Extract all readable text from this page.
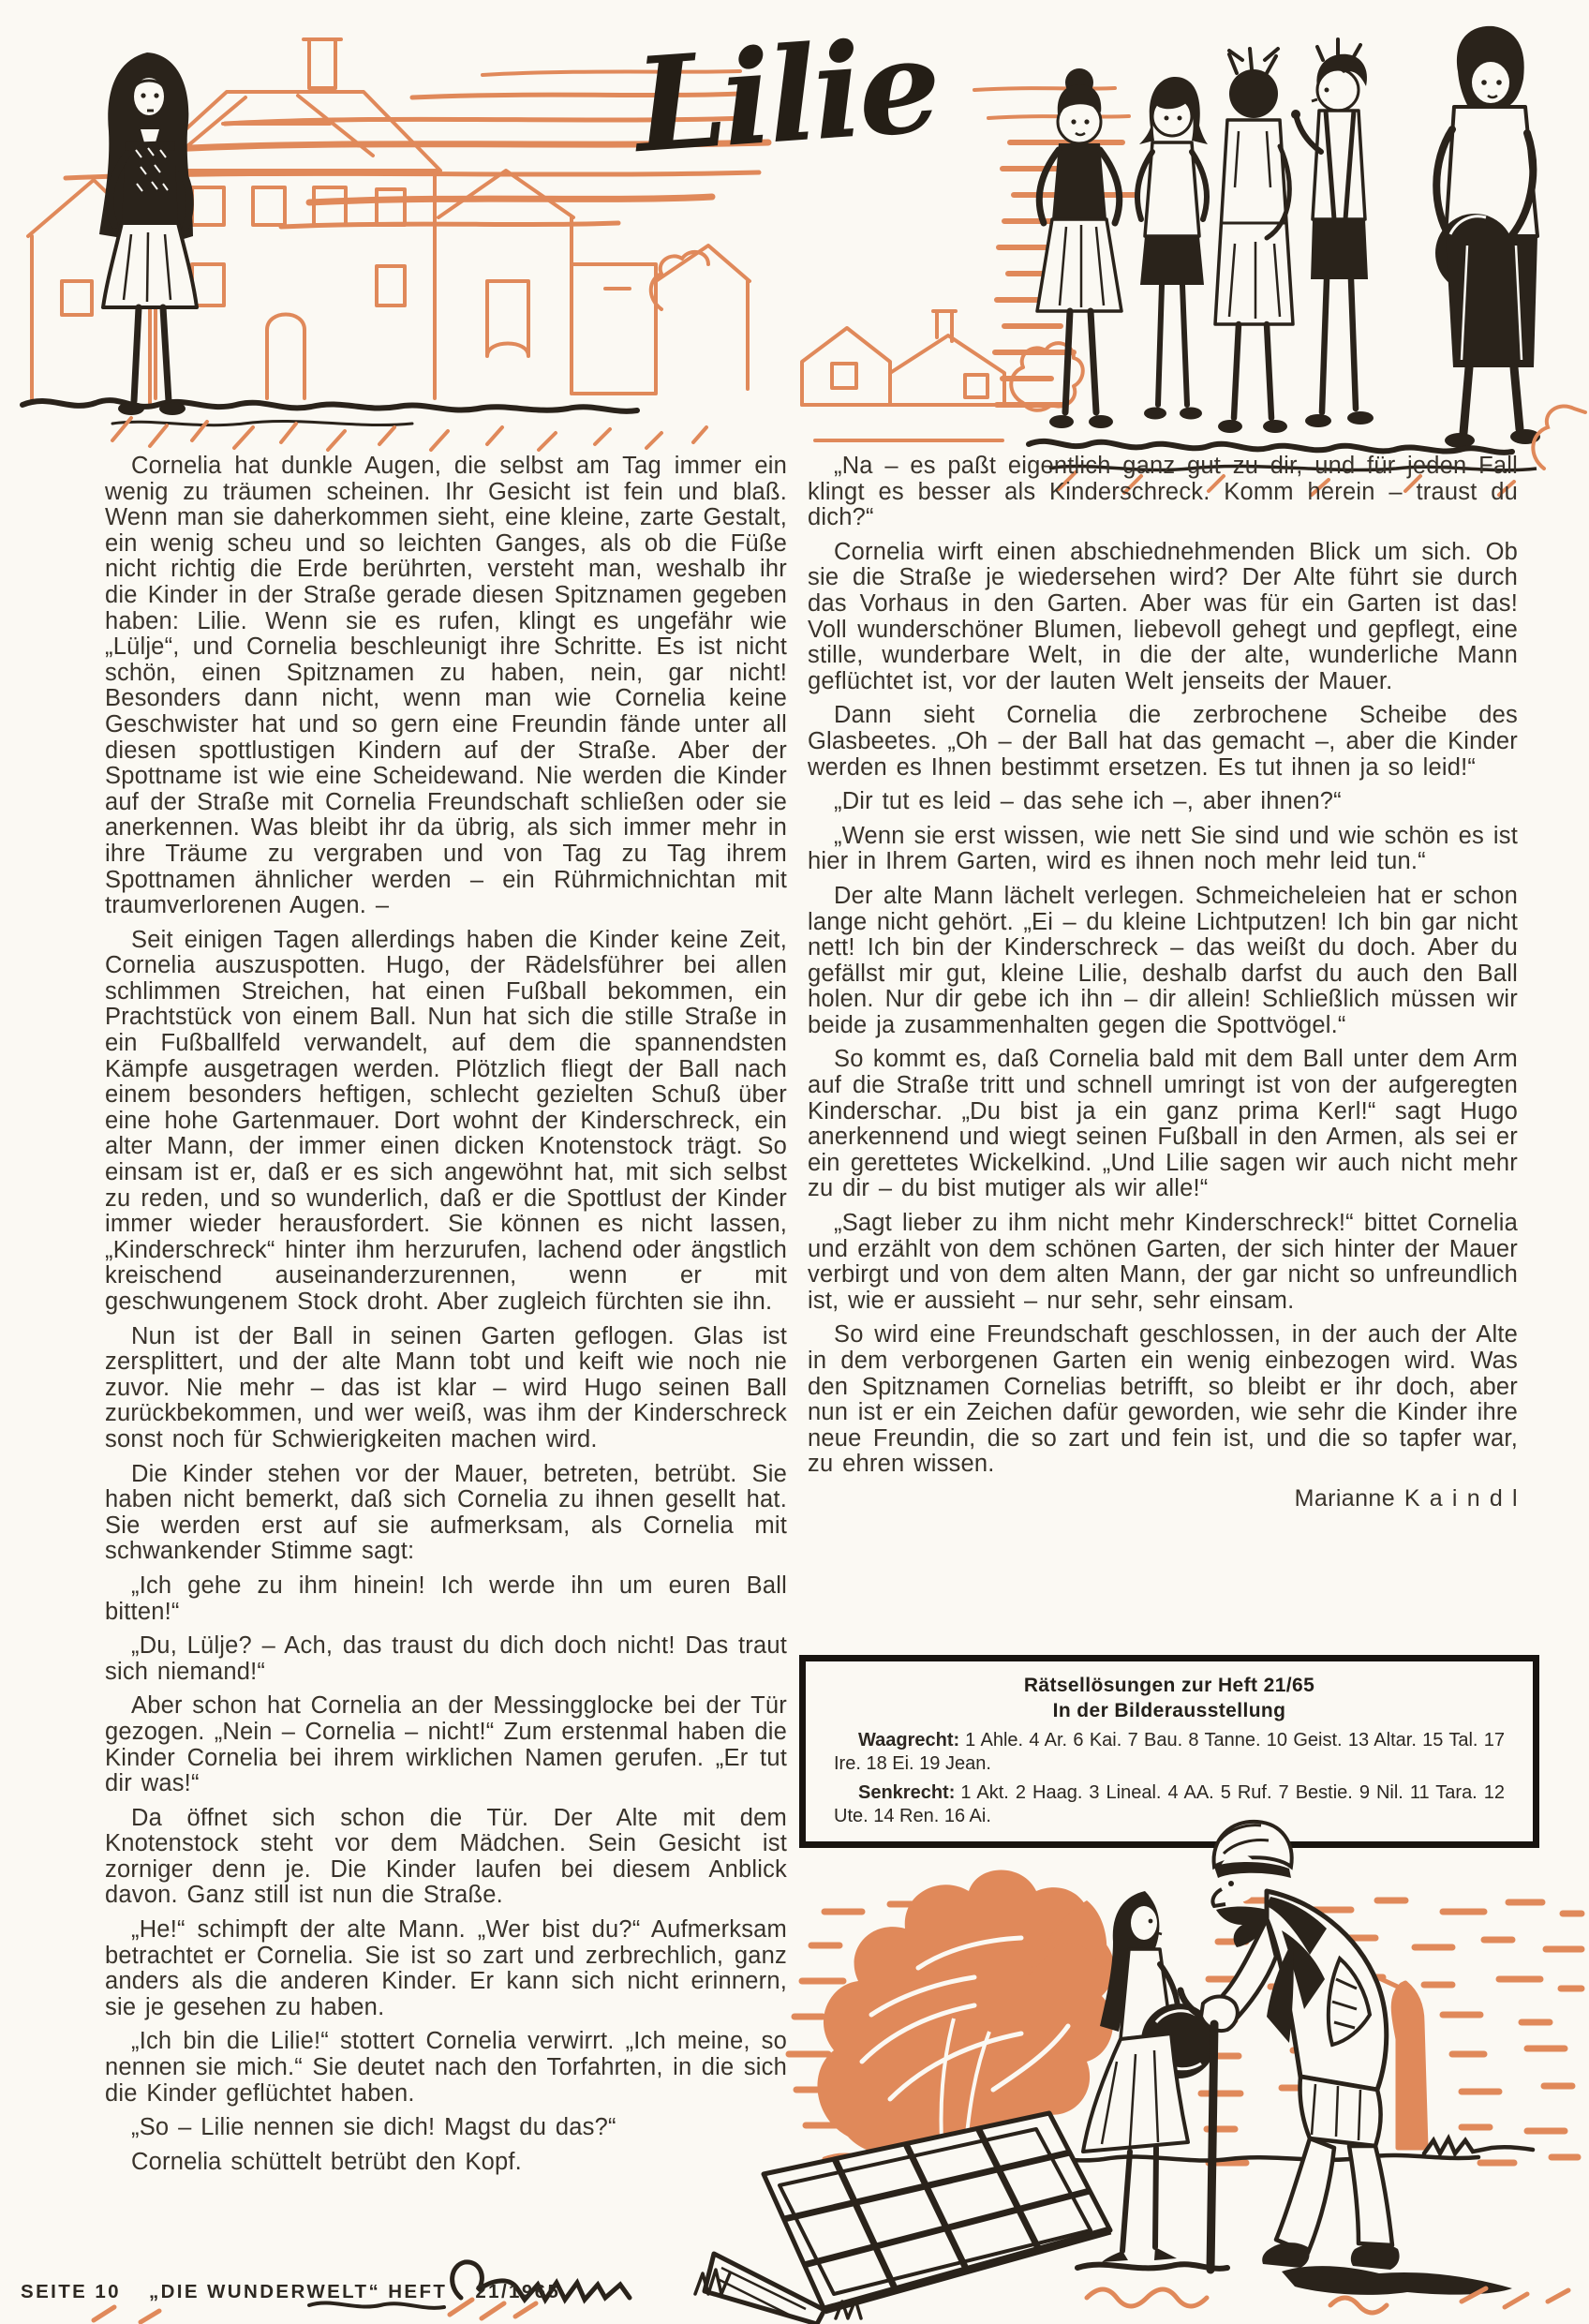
Lilie

Cornelia hat dunkle Augen, die selbst am Tag immer ein wenig zu träumen scheinen. Ihr Gesicht ist fein und blaß. Wenn man sie daherkommen sieht, eine kleine, zarte Gestalt, ein wenig scheu und so leichten Ganges, als ob die Füße nicht richtig die Erde berührten, versteht man, weshalb ihr die Kinder in der Straße gerade diesen Spitznamen gegeben haben: Lilie. Wenn sie es rufen, klingt es ungefähr wie „Lülje“, und Cornelia beschleunigt ihre Schritte. Es ist nicht schön, einen Spitznamen zu haben, nein, gar nicht! Besonders dann nicht, wenn man wie Cornelia keine Geschwister hat und so gern eine Freundin fände unter all diesen spottlustigen Kindern auf der Straße. Aber der Spottname ist wie eine Scheidewand. Nie werden die Kinder auf der Straße mit Cornelia Freundschaft schließen oder sie anerkennen. Was bleibt ihr da übrig, als sich immer mehr in ihre Träume zu vergraben und von Tag zu Tag ihrem Spottnamen ähnlicher werden – ein Rührmichnichtan mit traumverlorenen Augen. –

Seit einigen Tagen allerdings haben die Kinder keine Zeit, Cornelia auszuspotten. Hugo, der Rädelsführer bei allen schlimmen Streichen, hat einen Fußball bekommen, ein Prachtstück von einem Ball. Nun hat sich die stille Straße in ein Fußballfeld verwandelt, auf dem die spannendsten Kämpfe ausgetragen werden. Plötzlich fliegt der Ball nach einem besonders heftigen, schlecht gezielten Schuß über eine hohe Gartenmauer. Dort wohnt der Kinderschreck, ein alter Mann, der immer einen dicken Knotenstock trägt. So einsam ist er, daß er es sich angewöhnt hat, mit sich selbst zu reden, und so wunderlich, daß er die Spottlust der Kinder immer wieder herausfordert. Sie können es nicht lassen, „Kinderschreck“ hinter ihm herzurufen, lachend oder ängstlich kreischend auseinanderzurennen, wenn er mit geschwungenem Stock droht. Aber zugleich fürchten sie ihn.

Nun ist der Ball in seinen Garten geflogen. Glas ist zersplittert, und der alte Mann tobt und keift wie noch nie zuvor. Nie mehr – das ist klar – wird Hugo seinen Ball zurückbekommen, und wer weiß, was ihm der Kinderschreck sonst noch für Schwierigkeiten machen wird.

Die Kinder stehen vor der Mauer, betreten, betrübt. Sie haben nicht bemerkt, daß sich Cornelia zu ihnen gesellt hat. Sie werden erst auf sie aufmerksam, als Cornelia mit schwankender Stimme sagt:

„Ich gehe zu ihm hinein! Ich werde ihn um euren Ball bitten!“

„Du, Lülje? – Ach, das traust du dich doch nicht! Das traut sich niemand!“

Aber schon hat Cornelia an der Messingglocke bei der Tür gezogen. „Nein – Cornelia – nicht!“ Zum erstenmal haben die Kinder Cornelia bei ihrem wirklichen Namen gerufen. „Er tut dir was!“

Da öffnet sich schon die Tür. Der Alte mit dem Knotenstock steht vor dem Mädchen. Sein Gesicht ist zorniger denn je. Die Kinder laufen bei diesem Anblick davon. Ganz still ist nun die Straße.

„He!“ schimpft der alte Mann. „Wer bist du?“ Aufmerksam betrachtet er Cornelia. Sie ist so zart und zerbrechlich, ganz anders als die anderen Kinder. Er kann sich nicht erinnern, sie je gesehen zu haben.

„Ich bin die Lilie!“ stottert Cornelia verwirrt. „Ich meine, so nennen sie mich.“ Sie deutet nach den Torfahrten, in die sich die Kinder geflüchtet haben.

„So – Lilie nennen sie dich! Magst du das?“

Cornelia schüttelt betrübt den Kopf.

„Na – es paßt eigentlich ganz gut zu dir, und für jeden Fall klingt es besser als Kinderschreck. Komm herein – traust du dich?“

Cornelia wirft einen abschiednehmenden Blick um sich. Ob sie die Straße je wiedersehen wird? Der Alte führt sie durch das Vorhaus in den Garten. Aber was für ein Garten ist das! Voll wunderschöner Blumen, liebevoll gehegt und gepflegt, eine stille, wunderbare Welt, in die der alte, wunderliche Mann geflüchtet ist, vor der lauten Welt jenseits der Mauer.

Dann sieht Cornelia die zerbrochene Scheibe des Glasbeetes. „Oh – der Ball hat das gemacht –, aber die Kinder werden es Ihnen bestimmt ersetzen. Es tut ihnen ja so leid!“

„Dir tut es leid – das sehe ich –, aber ihnen?“

„Wenn sie erst wissen, wie nett Sie sind und wie schön es ist hier in Ihrem Garten, wird es ihnen noch mehr leid tun.“

Der alte Mann lächelt verlegen. Schmeicheleien hat er schon lange nicht gehört. „Ei – du kleine Lichtputzen! Ich bin gar nicht nett! Ich bin der Kinderschreck – das weißt du doch. Aber du gefällst mir gut, kleine Lilie, deshalb darfst du auch den Ball holen. Nur dir gebe ich ihn – dir allein! Schließlich müssen wir beide ja zusammenhalten gegen die Spottvögel.“

So kommt es, daß Cornelia bald mit dem Ball unter dem Arm auf die Straße tritt und schnell umringt ist von der aufgeregten Kinderschar. „Du bist ja ein ganz prima Kerl!“ sagt Hugo anerkennend und wiegt seinen Fußball in den Armen, als sei er ein gerettetes Wickelkind. „Und Lilie sagen wir auch nicht mehr zu dir – du bist mutiger als wir alle!“

„Sagt lieber zu ihm nicht mehr Kinderschreck!“ bittet Cornelia und erzählt von dem schönen Garten, der sich hinter der Mauer verbirgt und von dem alten Mann, der gar nicht so unfreundlich ist, wie er aussieht – nur sehr, sehr einsam.

So wird eine Freundschaft geschlossen, in der auch der Alte in dem verborgenen Garten ein wenig einbezogen wird. Was den Spitznamen Cornelias betrifft, so bleibt er ihr doch, aber nun ist er ein Zeichen dafür geworden, wie sehr die Kinder ihre neue Freundin, die so zart und fein ist, und die so tapfer war, zu ehren wissen.

Marianne K a i n d l

Rätsellösungen zur Heft 21/65
In der Bilderausstellung

Waagrecht: 1 Ahle. 4 Ar. 6 Kai. 7 Bau. 8 Tanne. 10 Geist. 13 Altar. 15 Tal. 17 Ire. 18 Ei. 19 Jean.

Senkrecht: 1 Akt. 2 Haag. 3 Lineal. 4 AA. 5 Ruf. 7 Bestie. 9 Nil. 11 Tara. 12 Ute. 14 Ren. 16 Ai.

SEITE 10 „DIE WUNDERWELT“ HEFT 21/1965
